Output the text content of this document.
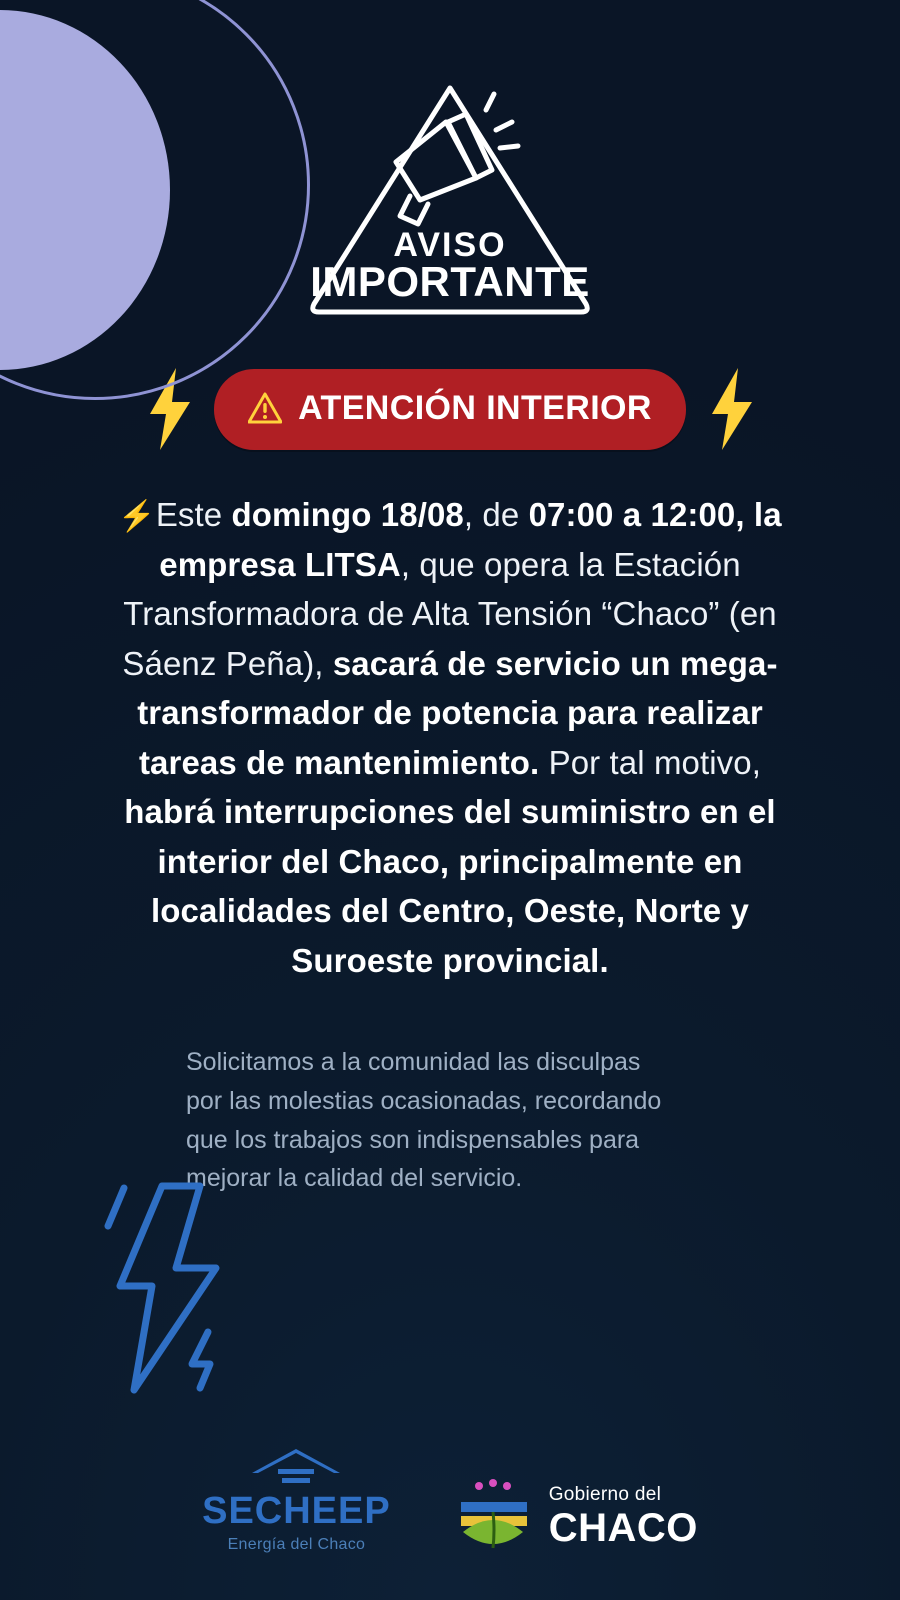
AVISO
IMPORTANTE
ATENCIÓN INTERIOR

⚡Este domingo 18/08, de 07:00 a 12:00, la empresa LITSA, que opera la Estación Transformadora de Alta Tensión “Chaco” (en Sáenz Peña), sacará de servicio un mega-transformador de potencia para realizar tareas de mantenimiento. Por tal motivo, habrá interrupciones del suministro en el interior del Chaco, principalmente en localidades del Centro, Oeste, Norte y Suroeste provincial.

Solicitamos a la comunidad las disculpas por las molestias ocasionadas, recordando que los trabajos son indispensables para mejorar la calidad del servicio.
SECHEEP
Energía del Chaco
Gobierno del
CHACO
